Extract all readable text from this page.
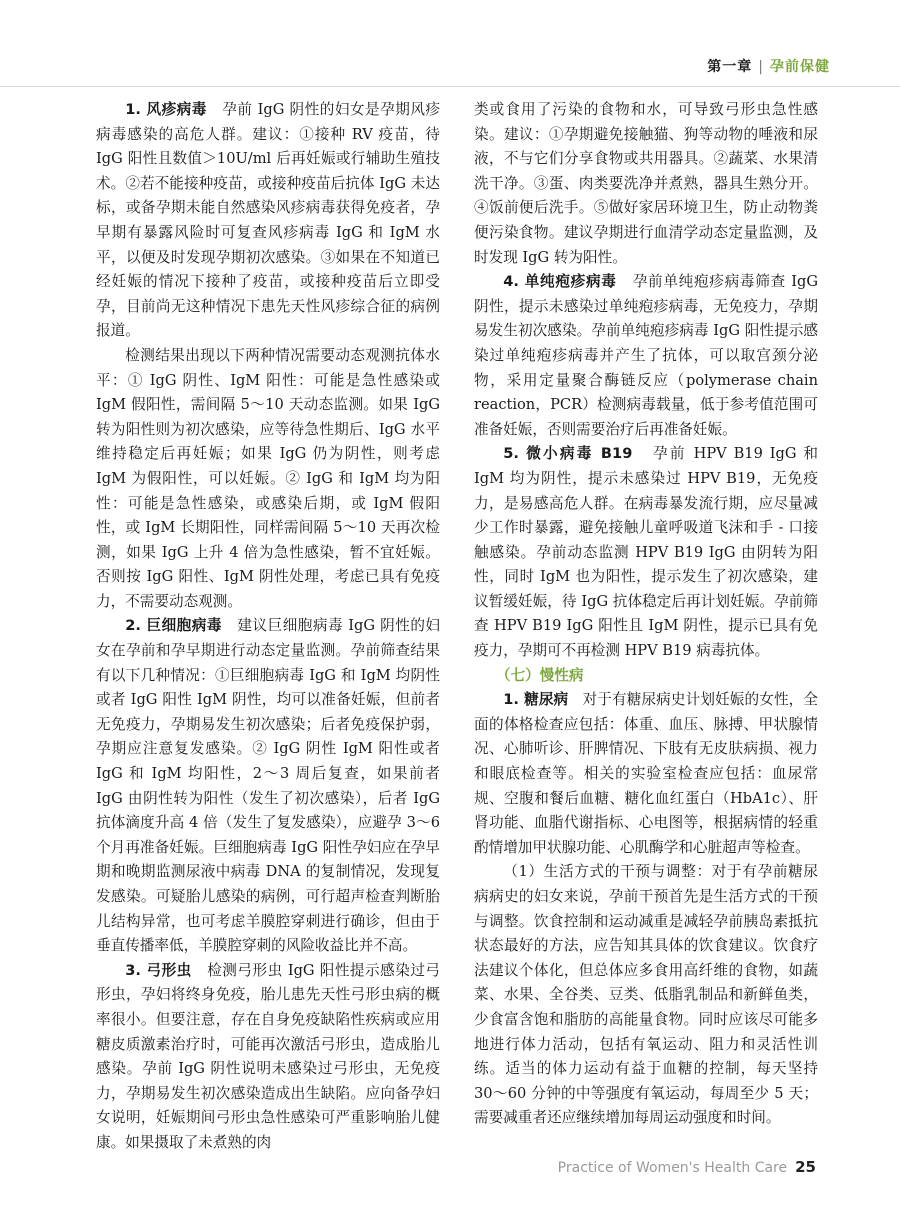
第一章 | 孕前保健

1. 风疹病毒 孕前 IgG 阴性的妇女是孕期风疹病毒感染的高危人群。建议：①接种 RV 疫苗，待 IgG 阳性且数值＞10U/ml 后再妊娠或行辅助生殖技术。②若不能接种疫苗，或接种疫苗后抗体 IgG 未达标，或备孕期未能自然感染风疹病毒获得免疫者，孕早期有暴露风险时可复查风疹病毒 IgG 和 IgM 水平，以便及时发现孕期初次感染。③如果在不知道已经妊娠的情况下接种了疫苗，或接种疫苗后立即受孕，目前尚无这种情况下患先天性风疹综合征的病例报道。

检测结果出现以下两种情况需要动态观测抗体水平：① IgG 阴性、IgM 阳性：可能是急性感染或 IgM 假阳性，需间隔 5～10 天动态监测。如果 IgG 转为阳性则为初次感染，应等待急性期后、IgG 水平维持稳定后再妊娠；如果 IgG 仍为阴性，则考虑 IgM 为假阳性，可以妊娠。② IgG 和 IgM 均为阳性：可能是急性感染，或感染后期，或 IgM 假阳性，或 IgM 长期阳性，同样需间隔 5～10 天再次检测，如果 IgG 上升 4 倍为急性感染，暂不宜妊娠。否则按 IgG 阳性、IgM 阴性处理，考虑已具有免疫力，不需要动态观测。

2. 巨细胞病毒 建议巨细胞病毒 IgG 阴性的妇女在孕前和孕早期进行动态定量监测。孕前筛查结果有以下几种情况：①巨细胞病毒 IgG 和 IgM 均阴性或者 IgG 阳性 IgM 阴性，均可以准备妊娠，但前者无免疫力，孕期易发生初次感染；后者免疫保护弱，孕期应注意复发感染。② IgG 阴性 IgM 阳性或者 IgG 和 IgM 均阳性，2～3 周后复查，如果前者 IgG 由阴性转为阳性（发生了初次感染），后者 IgG 抗体滴度升高 4 倍（发生了复发感染），应避孕 3～6 个月再准备妊娠。巨细胞病毒 IgG 阳性孕妇应在孕早期和晚期监测尿液中病毒 DNA 的复制情况，发现复发感染。可疑胎儿感染的病例，可行超声检查判断胎儿结构异常，也可考虑羊膜腔穿刺进行确诊，但由于垂直传播率低，羊膜腔穿刺的风险收益比并不高。

3. 弓形虫 检测弓形虫 IgG 阳性提示感染过弓形虫，孕妇将终身免疫，胎儿患先天性弓形虫病的概率很小。但要注意，存在自身免疫缺陷性疾病或应用糖皮质激素治疗时，可能再次激活弓形虫，造成胎儿感染。孕前 IgG 阴性说明未感染过弓形虫，无免疫力，孕期易发生初次感染造成出生缺陷。应向备孕妇女说明，妊娠期间弓形虫急性感染可严重影响胎儿健康。如果摄取了未煮熟的肉

类或食用了污染的食物和水，可导致弓形虫急性感染。建议：①孕期避免接触猫、狗等动物的唾液和尿液，不与它们分享食物或共用器具。②蔬菜、水果清洗干净。③蛋、肉类要洗净并煮熟，器具生熟分开。④饭前便后洗手。⑤做好家居环境卫生，防止动物粪便污染食物。建议孕期进行血清学动态定量监测，及时发现 IgG 转为阳性。

4. 单纯疱疹病毒 孕前单纯疱疹病毒筛查 IgG 阴性，提示未感染过单纯疱疹病毒，无免疫力，孕期易发生初次感染。孕前单纯疱疹病毒 IgG 阳性提示感染过单纯疱疹病毒并产生了抗体，可以取宫颈分泌物，采用定量聚合酶链反应（polymerase chain reaction，PCR）检测病毒载量，低于参考值范围可准备妊娠，否则需要治疗后再准备妊娠。

5. 微小病毒 B19 孕前 HPV B19 IgG 和 IgM 均为阴性，提示未感染过 HPV B19，无免疫力，是易感高危人群。在病毒暴发流行期，应尽量减少工作时暴露，避免接触儿童呼吸道飞沫和手 - 口接触感染。孕前动态监测 HPV B19 IgG 由阴转为阳性，同时 IgM 也为阳性，提示发生了初次感染，建议暂缓妊娠，待 IgG 抗体稳定后再计划妊娠。孕前筛查 HPV B19 IgG 阳性且 IgM 阴性，提示已具有免疫力，孕期可不再检测 HPV B19 病毒抗体。

（七）慢性病

1. 糖尿病 对于有糖尿病史计划妊娠的女性，全面的体格检查应包括：体重、血压、脉搏、甲状腺情况、心肺听诊、肝脾情况、下肢有无皮肤病损、视力和眼底检查等。相关的实验室检查应包括：血尿常规、空腹和餐后血糖、糖化血红蛋白（HbA1c）、肝肾功能、血脂代谢指标、心电图等，根据病情的轻重酌情增加甲状腺功能、心肌酶学和心脏超声等检查。

（1）生活方式的干预与调整：对于有孕前糖尿病病史的妇女来说，孕前干预首先是生活方式的干预与调整。饮食控制和运动减重是减轻孕前胰岛素抵抗状态最好的方法，应告知其具体的饮食建议。饮食疗法建议个体化，但总体应多食用高纤维的食物，如蔬菜、水果、全谷类、豆类、低脂乳制品和新鲜鱼类，少食富含饱和脂肪的高能量食物。同时应该尽可能多地进行体力活动，包括有氧运动、阻力和灵活性训练。适当的体力运动有益于血糖的控制，每天坚持 30～60 分钟的中等强度有氧运动，每周至少 5 天；需要减重者还应继续增加每周运动强度和时间。

Practice of Women's Health Care 25
